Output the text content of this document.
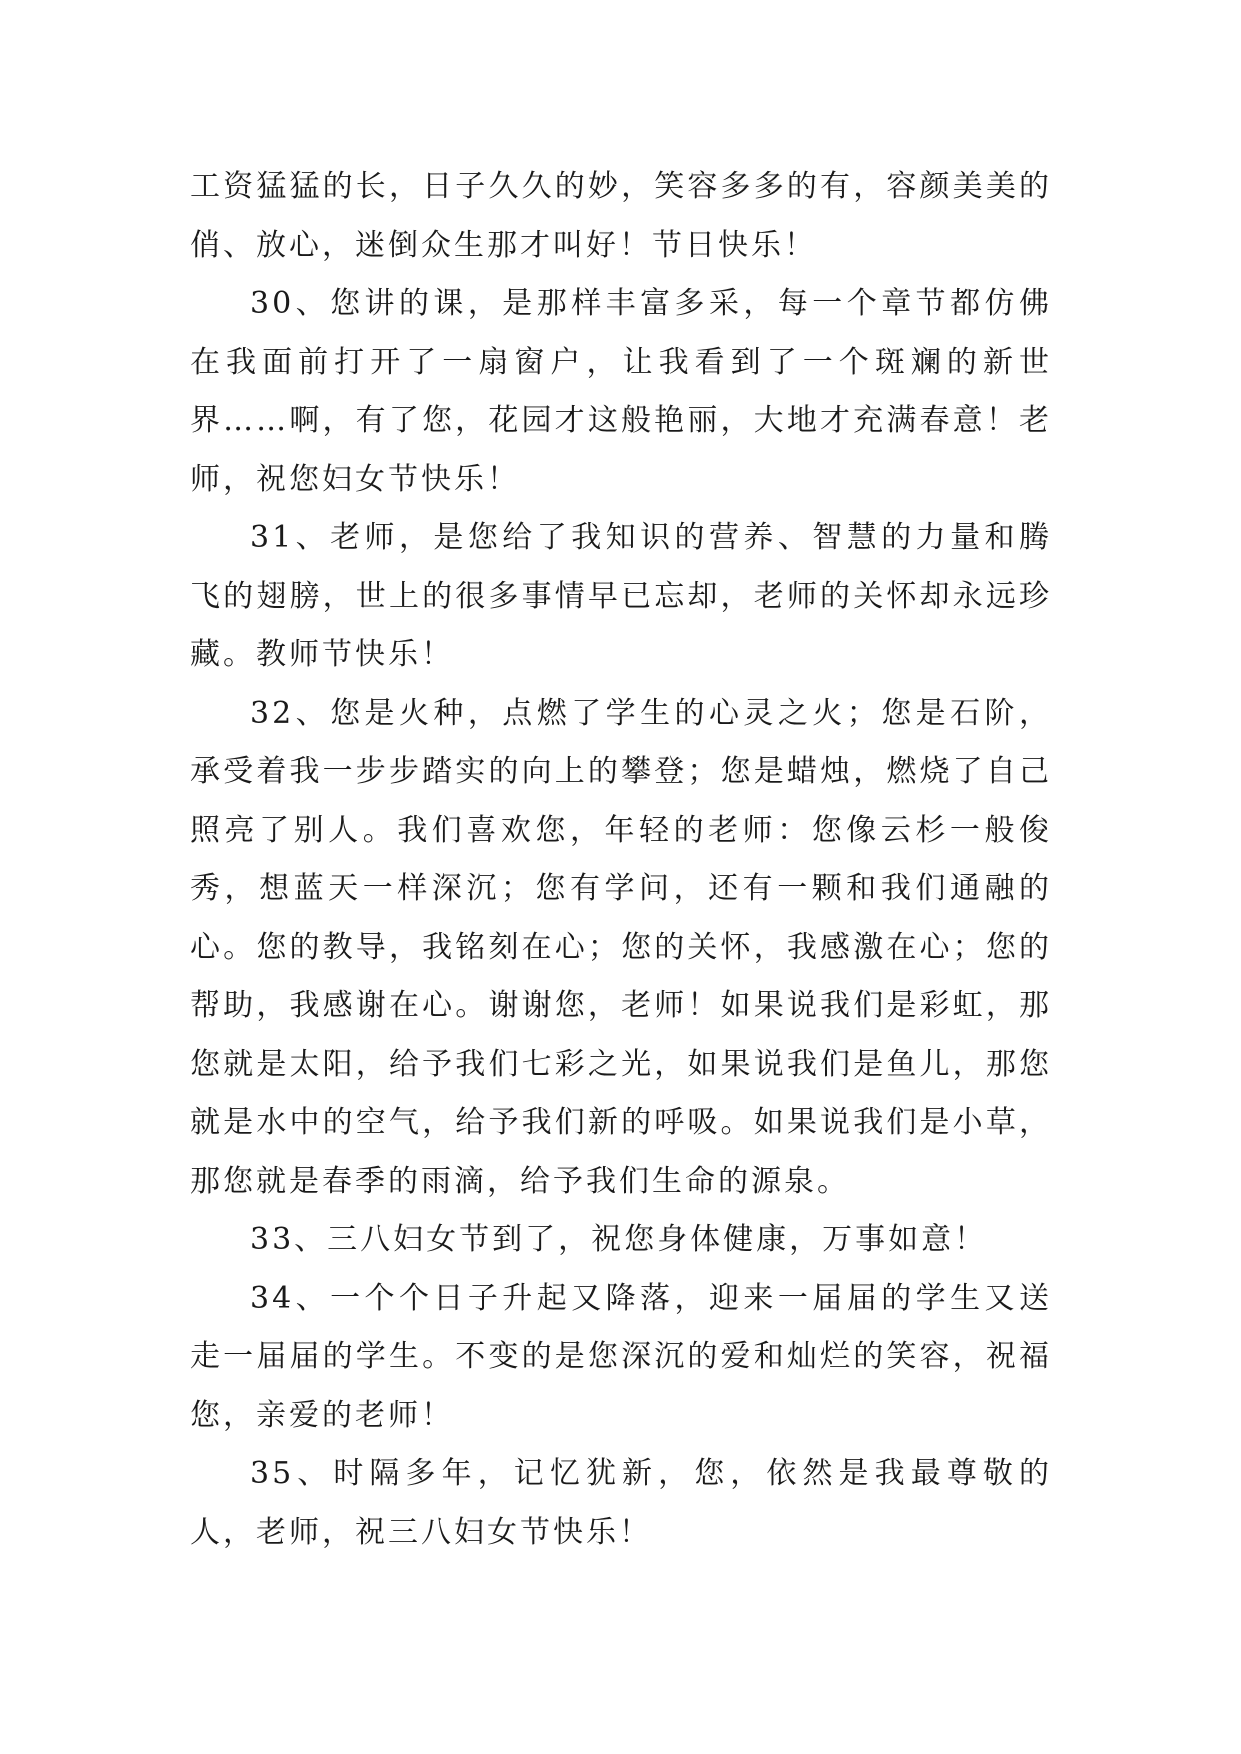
工资猛猛的长，日子久久的妙，笑容多多的有，容颜美美的俏、放心，迷倒众生那才叫好！节日快乐！

30、您讲的课，是那样丰富多采，每一个章节都仿佛在我面前打开了一扇窗户，让我看到了一个斑斓的新世界……啊，有了您，花园才这般艳丽，大地才充满春意！老师，祝您妇女节快乐！

31、老师，是您给了我知识的营养、智慧的力量和腾飞的翅膀，世上的很多事情早已忘却，老师的关怀却永远珍藏。教师节快乐！

32、您是火种，点燃了学生的心灵之火；您是石阶，承受着我一步步踏实的向上的攀登；您是蜡烛，燃烧了自己照亮了别人。我们喜欢您，年轻的老师：您像云杉一般俊秀，想蓝天一样深沉；您有学问，还有一颗和我们通融的心。您的教导，我铭刻在心；您的关怀，我感激在心；您的帮助，我感谢在心。谢谢您，老师！如果说我们是彩虹，那您就是太阳，给予我们七彩之光，如果说我们是鱼儿，那您就是水中的空气，给予我们新的呼吸。如果说我们是小草，那您就是春季的雨滴，给予我们生命的源泉。

33、三八妇女节到了，祝您身体健康，万事如意！

34、一个个日子升起又降落，迎来一届届的学生又送走一届届的学生。不变的是您深沉的爱和灿烂的笑容，祝福您，亲爱的老师！

35、时隔多年，记忆犹新，您，依然是我最尊敬的人，老师，祝三八妇女节快乐！
